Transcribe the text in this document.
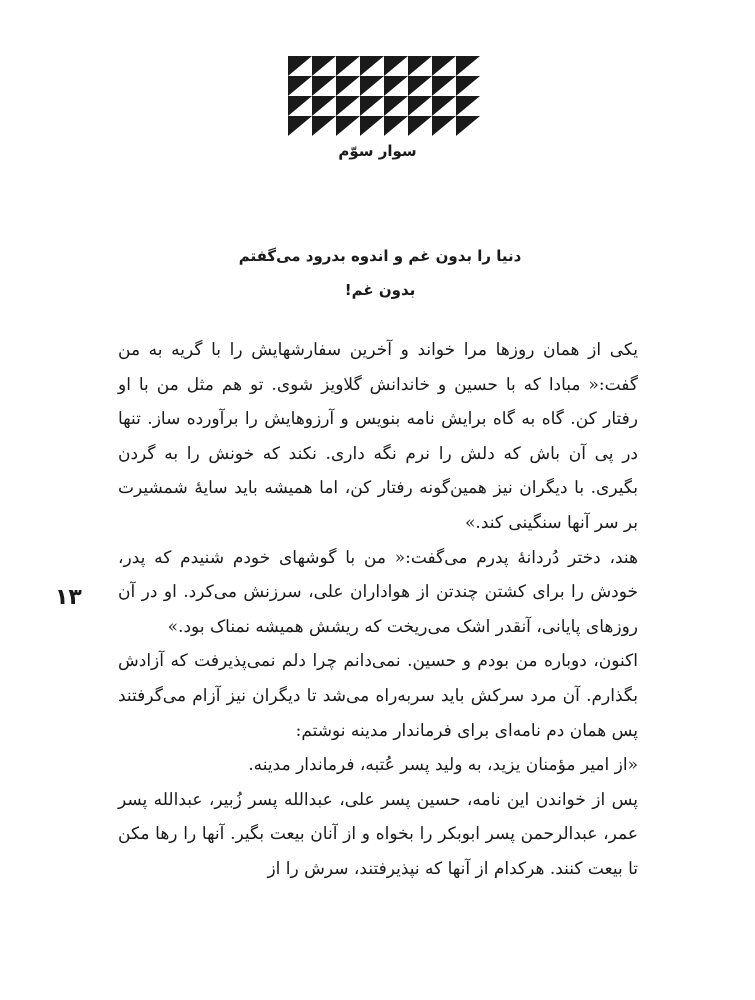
سوار سوّم
دنیا را بدون غم و اندوه بدرود می‌گفتم
بدون غم!
١٣

یکی از همان روزها مرا خواند و آخرین سفارشهایش را با گریه به من گفت:« مبادا که با حسین و خاندانش گلاویز شوی. تو هم مثل من با او رفتار کن. گاه به گاه برایش نامه بنویس و آرزوهایش را برآورده ساز. تنها در پی آن باش که دلش را نرم نگه داری. نکند که خونش را به گردن بگیری. با دیگران نیز همین‌گونه رفتار کن، اما همیشه باید سایهٔ شمشیرت بر سر آنها سنگینی کند.»

هند، دختر دُردانهٔ پدرم می‌گفت:« من با گوشهای خودم شنیدم که پدر، خودش را برای کشتن چندتن از هواداران علی، سرزنش می‌کرد. او در آن روزهای پایانی، آنقدر اشک می‌ریخت که ریشش همیشه نمناک بود.»

اکنون، دوباره من بودم و حسین. نمی‌دانم چرا دلم نمی‌پذیرفت که آزادش بگذارم. آن مرد سرکش باید سربه‌راه می‌شد تا دیگران نیز آزام می‌گرفتند پس همان دم نامه‌ای برای فرماندار مدینه نوشتم:

«از امیر مؤمنان یزید، به ولید پسر عُتبه، فرماندار مدینه.

پس از خواندن این نامه، حسین پسر علی، عبدالله پسر زُبیر، عبدالله پسر عمر، عبدالرحمن پسر ابوبکر را بخواه و از آنان بیعت بگیر. آنها را رها مکن تا بیعت کنند. هرکدام از آنها که نپذیرفتند، سرش را از
